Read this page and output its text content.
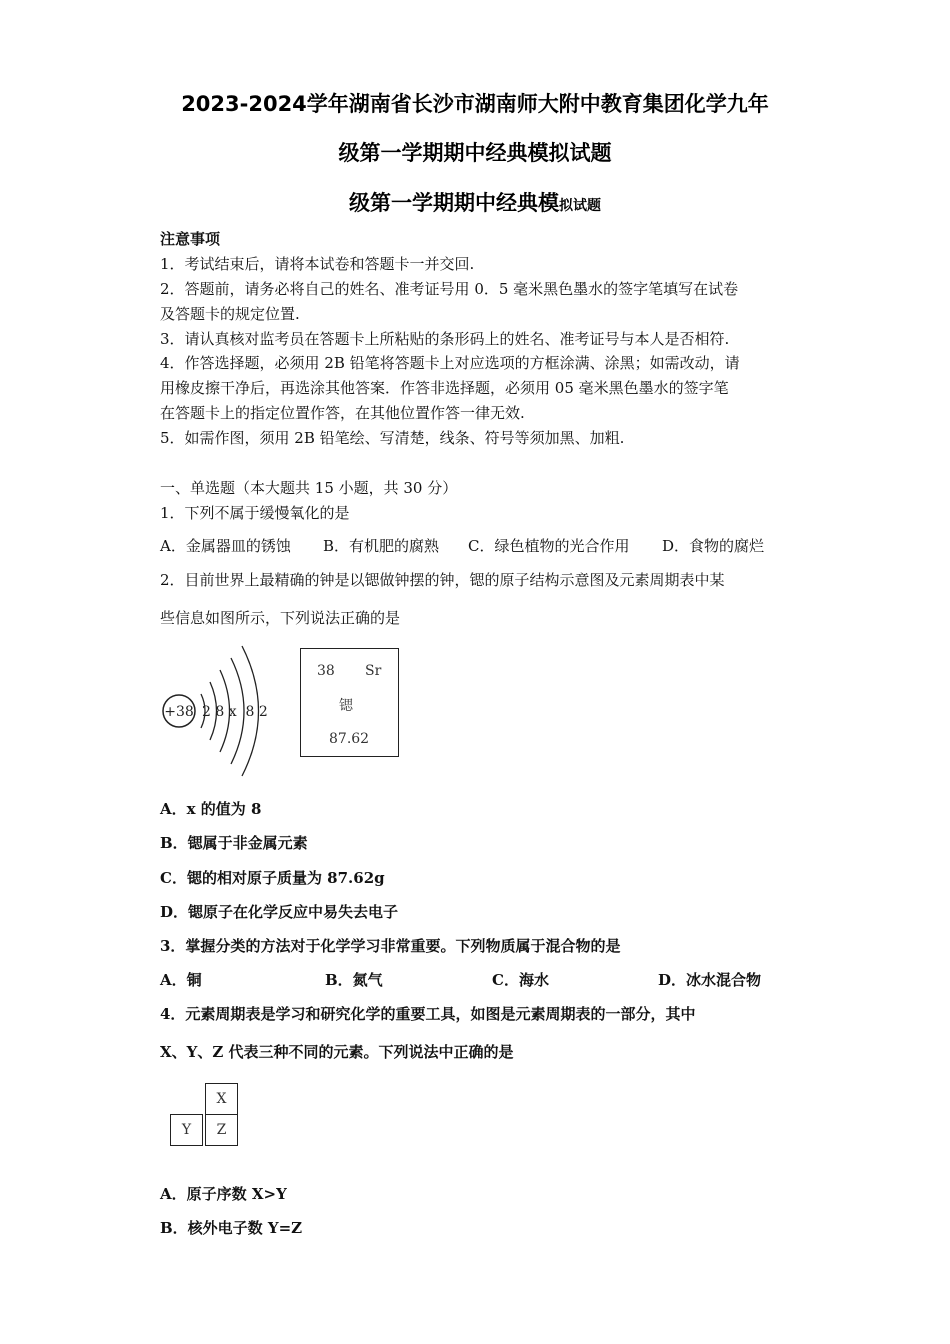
2023-2024学年湖南省长沙市湖南师大附中教育集团化学九年
级第一学期期中经典模拟试题
级第一学期期中经典模拟试题
注意事项
1．考试结束后，请将本试卷和答题卡一并交回.
2．答题前，请务必将自己的姓名、准考证号用 0．5 毫米黑色墨水的签字笔填写在试卷
及答题卡的规定位置.
3．请认真核对监考员在答题卡上所粘贴的条形码上的姓名、准考证号与本人是否相符.
4．作答选择题，必须用 2B 铅笔将答题卡上对应选项的方框涂满、涂黑；如需改动，请
用橡皮擦干净后，再选涂其他答案．作答非选择题，必须用 05 毫米黑色墨水的签字笔
在答题卡上的指定位置作答，在其他位置作答一律无效.
5．如需作图，须用 2B 铅笔绘、写清楚，线条、符号等须加黑、加粗.
一、单选题（本大题共 15 小题，共 30 分）
1．下列不属于缓慢氧化的是
A．金属器皿的锈蚀 B．有机肥的腐熟 C．绿色植物的光合作用 D．食物的腐烂
2．目前世界上最精确的钟是以锶做钟摆的钟，锶的原子结构示意图及元素周期表中某
些信息如图所示，下列说法正确的是
+38 2 8 x  8 2
38 Sr
锶
87.62
A．x 的值为 8
B．锶属于非金属元素
C．锶的相对原子质量为 87.62g
D．锶原子在化学反应中易失去电子
3．掌握分类的方法对于化学学习非常重要。下列物质属于混合物的是
A．铜	B．氮气	C．海水	D．冰水混合物
4．元素周期表是学习和研究化学的重要工具，如图是元素周期表的一部分，其中
X、Y、Z 代表三种不同的元素。下列说法中正确的是
X
Y	Z
A．原子序数 X>Y
B．核外电子数 Y=Z
